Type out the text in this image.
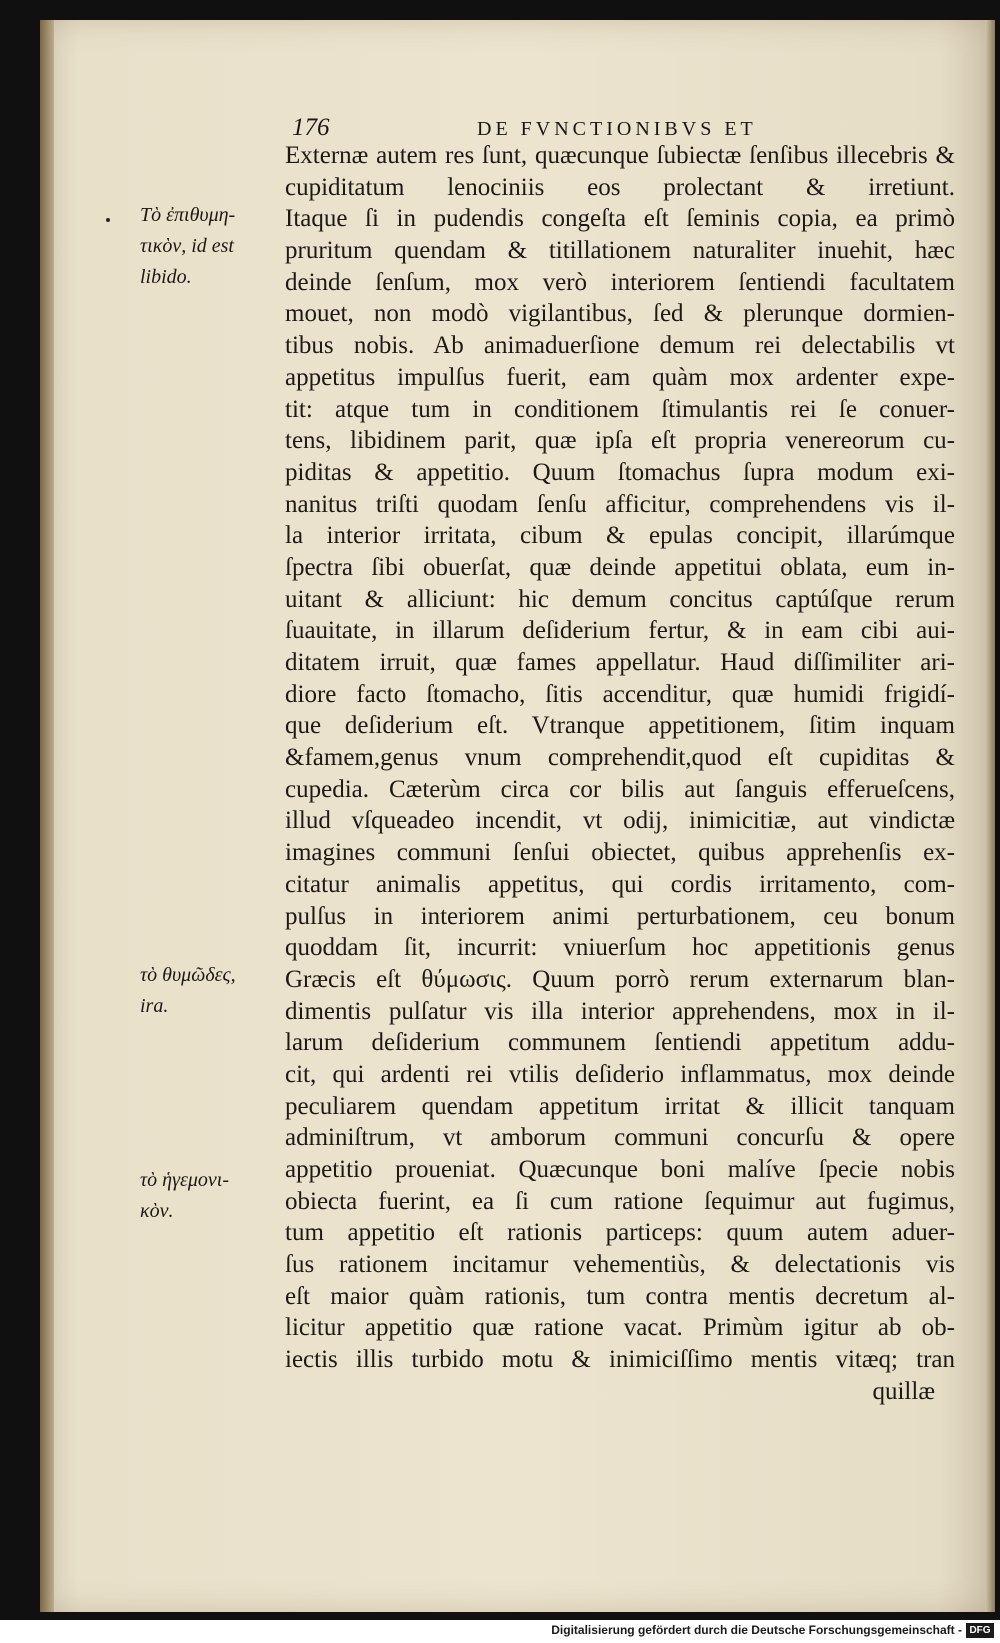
176	DE FVNCTIONIBVS ET
Τὸ ἐπιθυμη-
τικὸν, id est
libido.
τὸ θυμῶδες,
ira.
τὸ ἡγεμονι-
κὸν.
Externæ autem res ſunt, quæcunque ſubiectæ ſenſibus illecebris & cupiditatum lenociniis eos prolectant & irretiunt.
Itaque ſi in pudendis congeſta eſt ſeminis copia, ea primò
pruritum quendam & titillationem naturaliter inuehit, hæc
deinde ſenſum, mox verò interiorem ſentiendi facultatem
mouet, non modò vigilantibus, ſed & plerunque dormien-
tibus nobis. Ab animaduerſione demum rei delectabilis vt
appetitus impulſus fuerit, eam quàm mox ardenter expe-
tit: atque tum in conditionem ſtimulantis rei ſe conuer-
tens, libidinem parit, quæ ipſa eſt propria venereorum cu-
piditas & appetitio. Quum ſtomachus ſupra modum exi-
nanitus triſti quodam ſenſu afficitur, comprehendens vis il-
la interior irritata, cibum & epulas concipit, illarúmque
ſpectra ſibi obuerſat, quæ deinde appetitui oblata, eum in-
uitant & alliciunt: hic demum concitus captúſque rerum
ſuauitate, in illarum deſiderium fertur, & in eam cibi aui-
ditatem irruit, quæ fames appellatur. Haud diſſimiliter ari-
diore facto ſtomacho, ſitis accenditur, quæ humidi frigidí-
que deſiderium eſt. Vtranque appetitionem, ſitim inquam
&famem,genus vnum comprehendit,quod eſt cupiditas &
cupedia. Cæterùm circa cor bilis aut ſanguis efferueſcens,
illud vſqueadeo incendit, vt odij, inimicitiæ, aut vindictæ
imagines communi ſenſui obiectet, quibus apprehenſis ex-
citatur animalis appetitus, qui cordis irritamento, com-
pulſus in interiorem animi perturbationem, ceu bonum
quoddam ſit, incurrit: vniuerſum hoc appetitionis genus
Græcis eſt θύμωσις. Quum porrò rerum externarum blan-
dimentis pulſatur vis illa interior apprehendens, mox in il-
larum deſiderium communem ſentiendi appetitum addu-
cit, qui ardenti rei vtilis deſiderio inflammatus, mox deinde
peculiarem quendam appetitum irritat & illicit tanquam
adminiſtrum, vt amborum communi concurſu & opere
appetitio proueniat. Quæcunque boni malíve ſpecie nobis
obiecta fuerint, ea ſi cum ratione ſequimur aut fugimus,
tum appetitio eſt rationis particeps: quum autem aduer-
ſus rationem incitamur vehementiùs, & delectationis vis
eſt maior quàm rationis, tum contra mentis decretum al-
licitur appetitio quæ ratione vacat. Primùm igitur ab ob-
iectis illis turbido motu & inimiciſſimo mentis vitæq; tran
quillæ
Digitalisierung gefördert durch die Deutsche Forschungsgemeinschaft - DFG
